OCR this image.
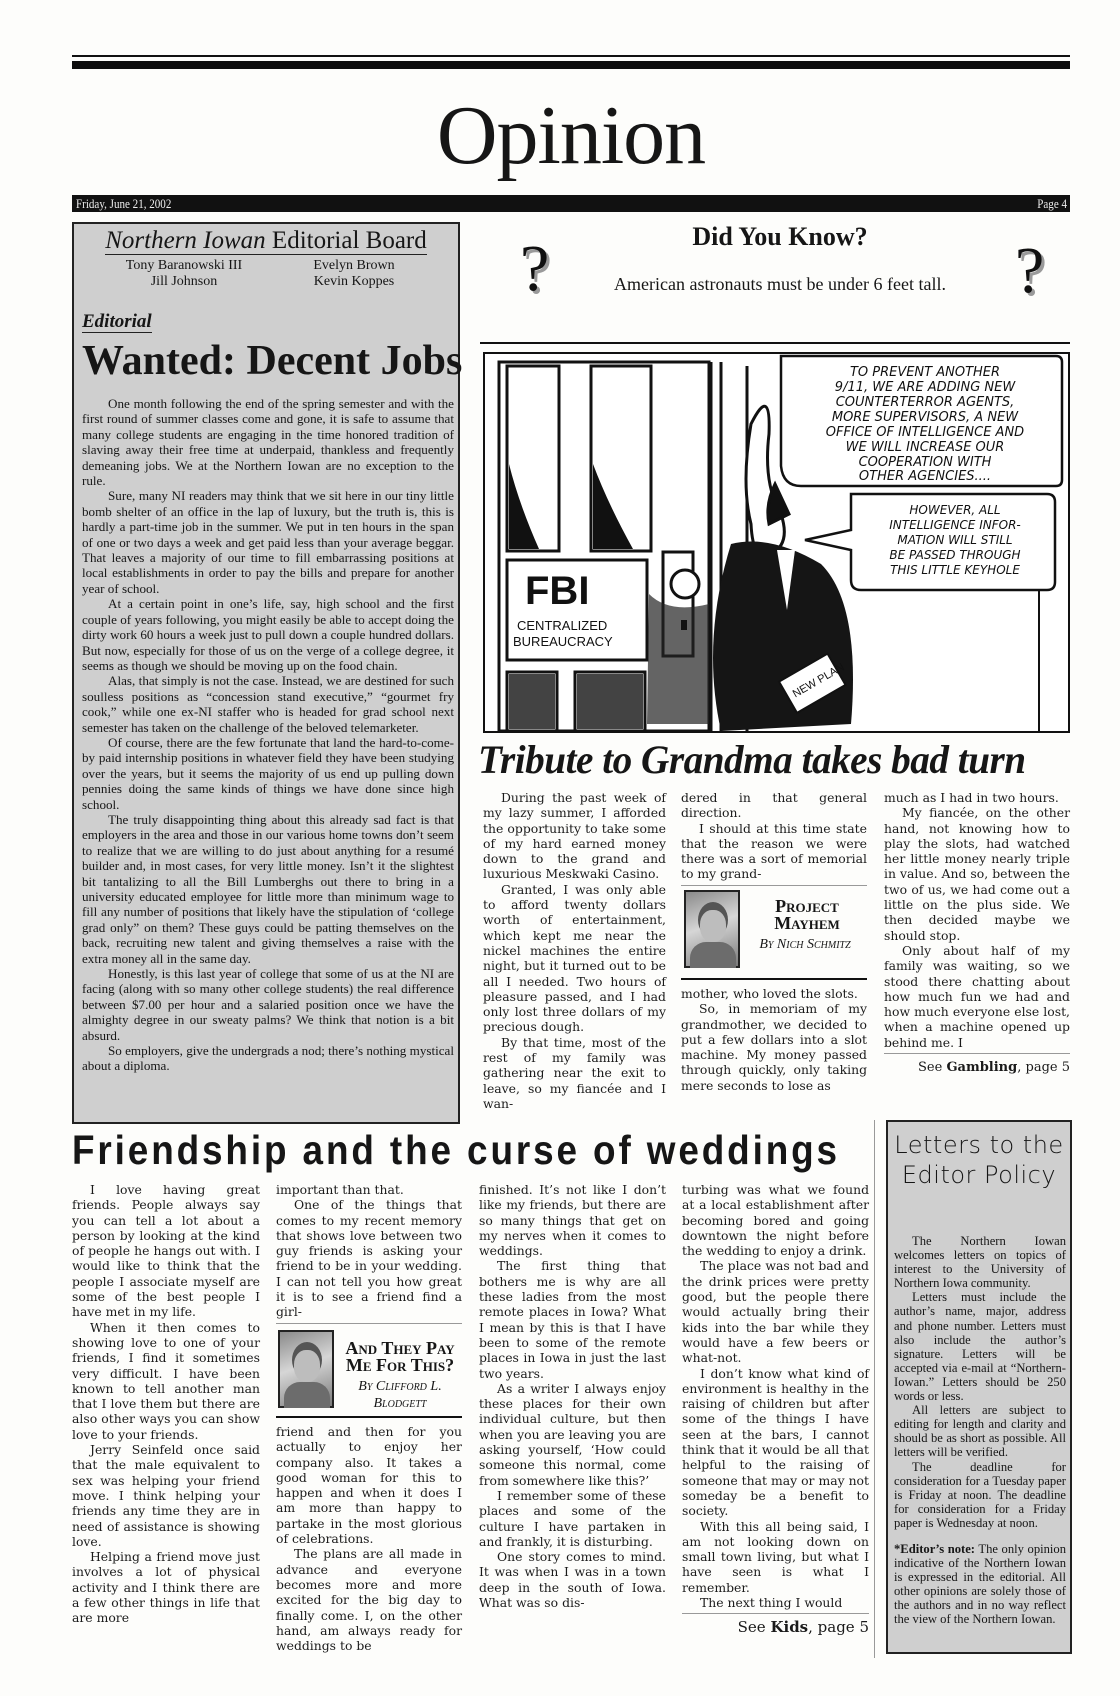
Opinion
Friday, June 21, 2002	Page 4
Northern Iowan Editorial Board
Tony Baranowski III
Jill Johnson
Evelyn Brown
Kevin Koppes
Editorial
Wanted: Decent Jobs

One month following the end of the spring semester and with the first round of summer classes come and gone, it is safe to assume that many college students are engaging in the time honored tradition of slaving away their free time at underpaid, thankless and frequently demeaning jobs. We at the Northern Iowan are no exception to the rule.

Sure, many NI readers may think that we sit here in our tiny little bomb shelter of an office in the lap of luxury, but the truth is, this is hardly a part-time job in the summer. We put in ten hours in the span of one or two days a week and get paid less than your average beggar. That leaves a majority of our time to fill embarrassing positions at local establishments in order to pay the bills and prepare for another year of school.

At a certain point in one’s life, say, high school and the first couple of years following, you might easily be able to accept doing the dirty work 60 hours a week just to pull down a couple hundred dollars. But now, especially for those of us on the verge of a college degree, it seems as though we should be moving up on the food chain.

Alas, that simply is not the case. Instead, we are destined for such soulless positions as “concession stand executive,” “gourmet fry cook,” while one ex-NI staffer who is headed for grad school next semester has taken on the challenge of the beloved telemarketer.

Of course, there are the few fortunate that land the hard-to-come-by paid internship positions in whatever field they have been studying over the years, but it seems the majority of us end up pulling down pennies doing the same kinds of things we have done since high school.

The truly disappointing thing about this already sad fact is that employers in the area and those in our various home towns don’t seem to realize that we are willing to do just about anything for a resumé builder and, in most cases, for very little money. Isn’t it the slightest bit tantalizing to all the Bill Lumberghs out there to bring in a university educated employee for little more than minimum wage to fill any number of positions that likely have the stipulation of ‘college grad only” on them? These guys could be patting themselves on the back, recruiting new talent and giving themselves a raise with the extra money all in the same day.

Honestly, is this last year of college that some of us at the NI are facing (along with so many other college students) the real difference between $7.00 per hour and a salaried position once we have the almighty degree in our sweaty palms? We think that notion is a bit absurd.

So employers, give the undergrads a nod; there’s nothing mystical about a diploma.

?	Did You Know?
American astronauts must be under 6 feet tall.	?
FBI
CENTRALIZED
BUREAUCRACY
NEW PLAN
TO PREVENT ANOTHER
9/11, WE ARE ADDING NEW
COUNTERTERROR AGENTS,
MORE SUPERVISORS, A NEW
OFFICE OF INTELLIGENCE AND
WE WILL INCREASE OUR
COOPERATION WITH
OTHER AGENCIES....
HOWEVER, ALL
INTELLIGENCE INFOR-
MATION WILL STILL
BE PASSED THROUGH
THIS LITTLE KEYHOLE
Tribute to Grandma takes bad turn

During the past week of my lazy summer, I afforded the opportunity to take some of my hard earned money down to the grand and luxurious Meskwaki Casino.

Granted, I was only able to afford twenty dollars worth of entertainment, which kept me near the nickel machines the entire night, but it turned out to be all I needed. Two hours of pleasure passed, and I had only lost three dollars of my precious dough.

By that time, most of the rest of my family was gathering near the exit to leave, so my fiancée and I wan-

dered in that general direction.

I should at this time state that the reason we were there was a sort of memorial to my grand-

Project Mayhem
By Nich Schmitz

mother, who loved the slots.

So, in memoriam of my grandmother, we decided to put a few dollars into a slot machine. My money passed through quickly, only taking mere seconds to lose as

much as I had in two hours.

My fiancée, on the other hand, not knowing how to play the slots, had watched her little money nearly triple in value. And so, between the two of us, we had come out a little on the plus side. We then decided maybe we should stop.

Only about half of my family was waiting, so we stood there chatting about how much fun we had and how much everyone else lost, when a machine opened up behind me. I

See Gambling, page 5
Friendship and the curse of weddings

I love having great friends. People always say you can tell a lot about a person by looking at the kind of people he hangs out with. I would like to think that the people I associate myself are some of the best people I have met in my life.

When it then comes to showing love to one of your friends, I find it sometimes very difficult. I have been known to tell another man that I love them but there are also other ways you can show love to your friends.

Jerry Seinfeld once said that the male equivalent to sex was helping your friend move. I think helping your friends any time they are in need of assistance is showing love.

Helping a friend move just involves a lot of physical activity and I think there are a few other things in life that are more

important than that.

One of the things that comes to my recent memory that shows love between two guy friends is asking your friend to be in your wedding. I can not tell you how great it is to see a friend find a girl-

And They Pay
Me For This?
By Clifford L.
Blodgett

friend and then for you actually to enjoy her company also. It takes a good woman for this to happen and when it does I am more than happy to partake in the most glorious of celebrations.

The plans are all made in advance and everyone becomes more and more excited for the big day to finally come. I, on the other hand, am always ready for weddings to be

finished. It’s not like I don’t like my friends, but there are so many things that get on my nerves when it comes to weddings.

The first thing that bothers me is why are all these ladies from the most remote places in Iowa? What I mean by this is that I have been to some of the remote places in Iowa in just the last two years.

As a writer I always enjoy these places for their own individual culture, but then when you are leaving you are asking yourself, ‘How could someone this normal, come from somewhere like this?’

I remember some of these places and some of the culture I have partaken in and frankly, it is disturbing.

One story comes to mind. It was when I was in a town deep in the south of Iowa. What was so dis-

turbing was what we found at a local establishment after becoming bored and going downtown the night before the wedding to enjoy a drink.

The place was not bad and the drink prices were pretty good, but the people there would actually bring their kids into the bar while they would have a few beers or what-not.

I don’t know what kind of environment is healthy in the raising of children but after some of the things I have seen at the bars, I cannot think that it would be all that helpful to the raising of someone that may or may not someday be a benefit to society.

With this all being said, I am not looking down on small town living, but what I have seen is what I remember.

The next thing I would

See Kids, page 5
Letters to the Editor Policy

The Northern Iowan welcomes letters on topics of interest to the University of Northern Iowa community.

Letters must include the author’s name, major, address and phone number. Letters must also include the author’s signature. Letters will be accepted via e-mail at “Northern-Iowan.” Letters should be 250 words or less.

All letters are subject to editing for length and clarity and should be as short as possible. All letters will be verified.

The deadline for consideration for a Tuesday paper is Friday at noon. The deadline for consideration for a Friday paper is Wednesday at noon.

*Editor’s note: The only opinion indicative of the Northern Iowan is expressed in the editorial. All other opinions are solely those of the authors and in no way reflect the view of the Northern Iowan.
